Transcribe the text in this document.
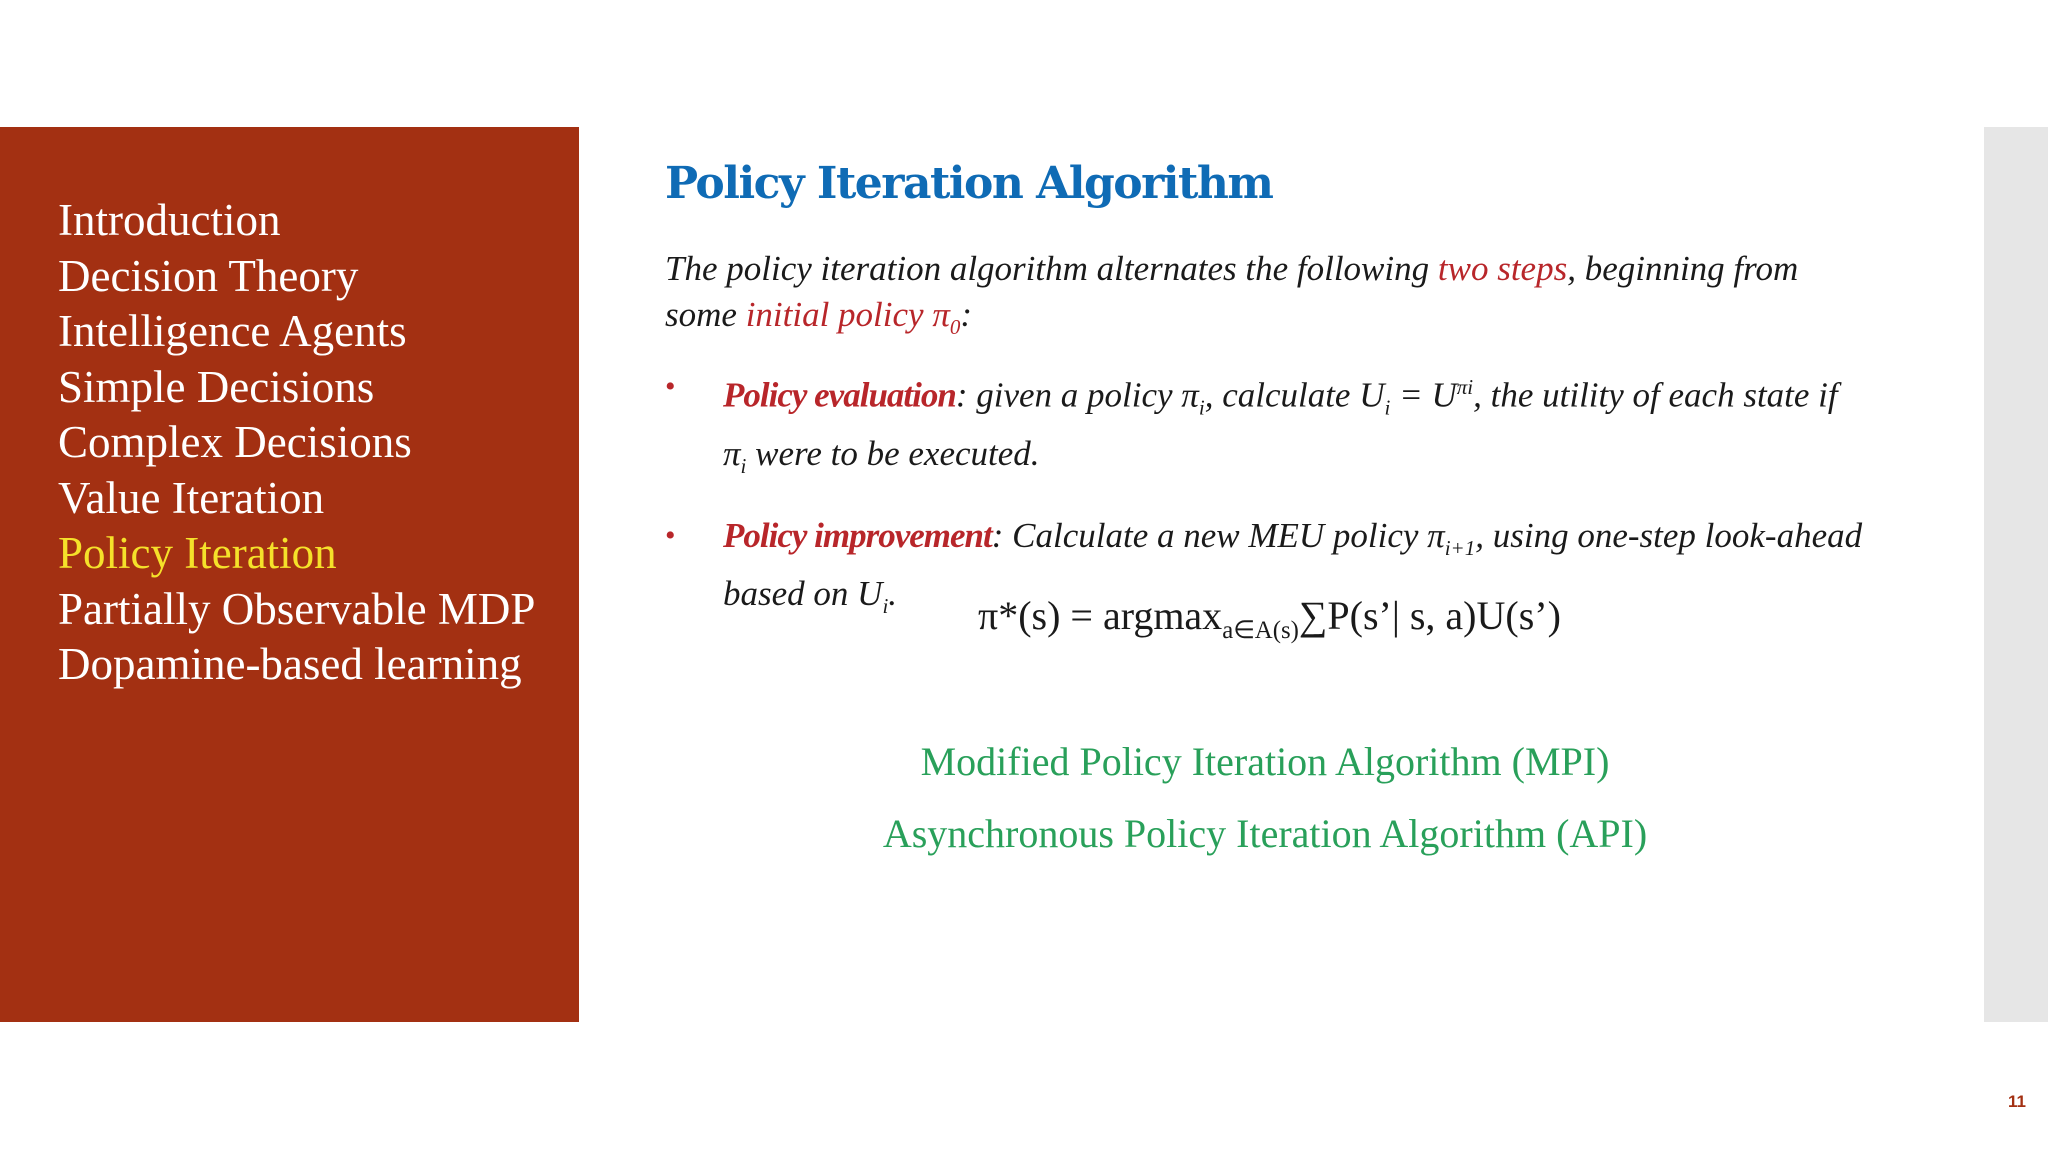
Introduction
Decision Theory
Intelligence Agents
Simple Decisions
Complex Decisions
Value Iteration
Policy Iteration
Partially Observable MDP
Dopamine-based learning
Policy Iteration Algorithm

The policy iteration algorithm alternates the following two steps, beginning from some initial policy $\pi_0$:

• Policy evaluation: given a policy $\pi_i$, calculate $U_i = U^{\pi i}$, the utility of each state if $\pi_i$ were to be executed.
• Policy improvement: Calculate a new MEU policy $\pi_{i+1}$, using one-step look-ahead based on $U_i$.	π*(s) = argmax$_{a\in A(s)}$∑P(s’| s, a)U(s’)

Modified Policy Iteration Algorithm (MPI)

Asynchronous Policy Iteration Algorithm (API)

11
